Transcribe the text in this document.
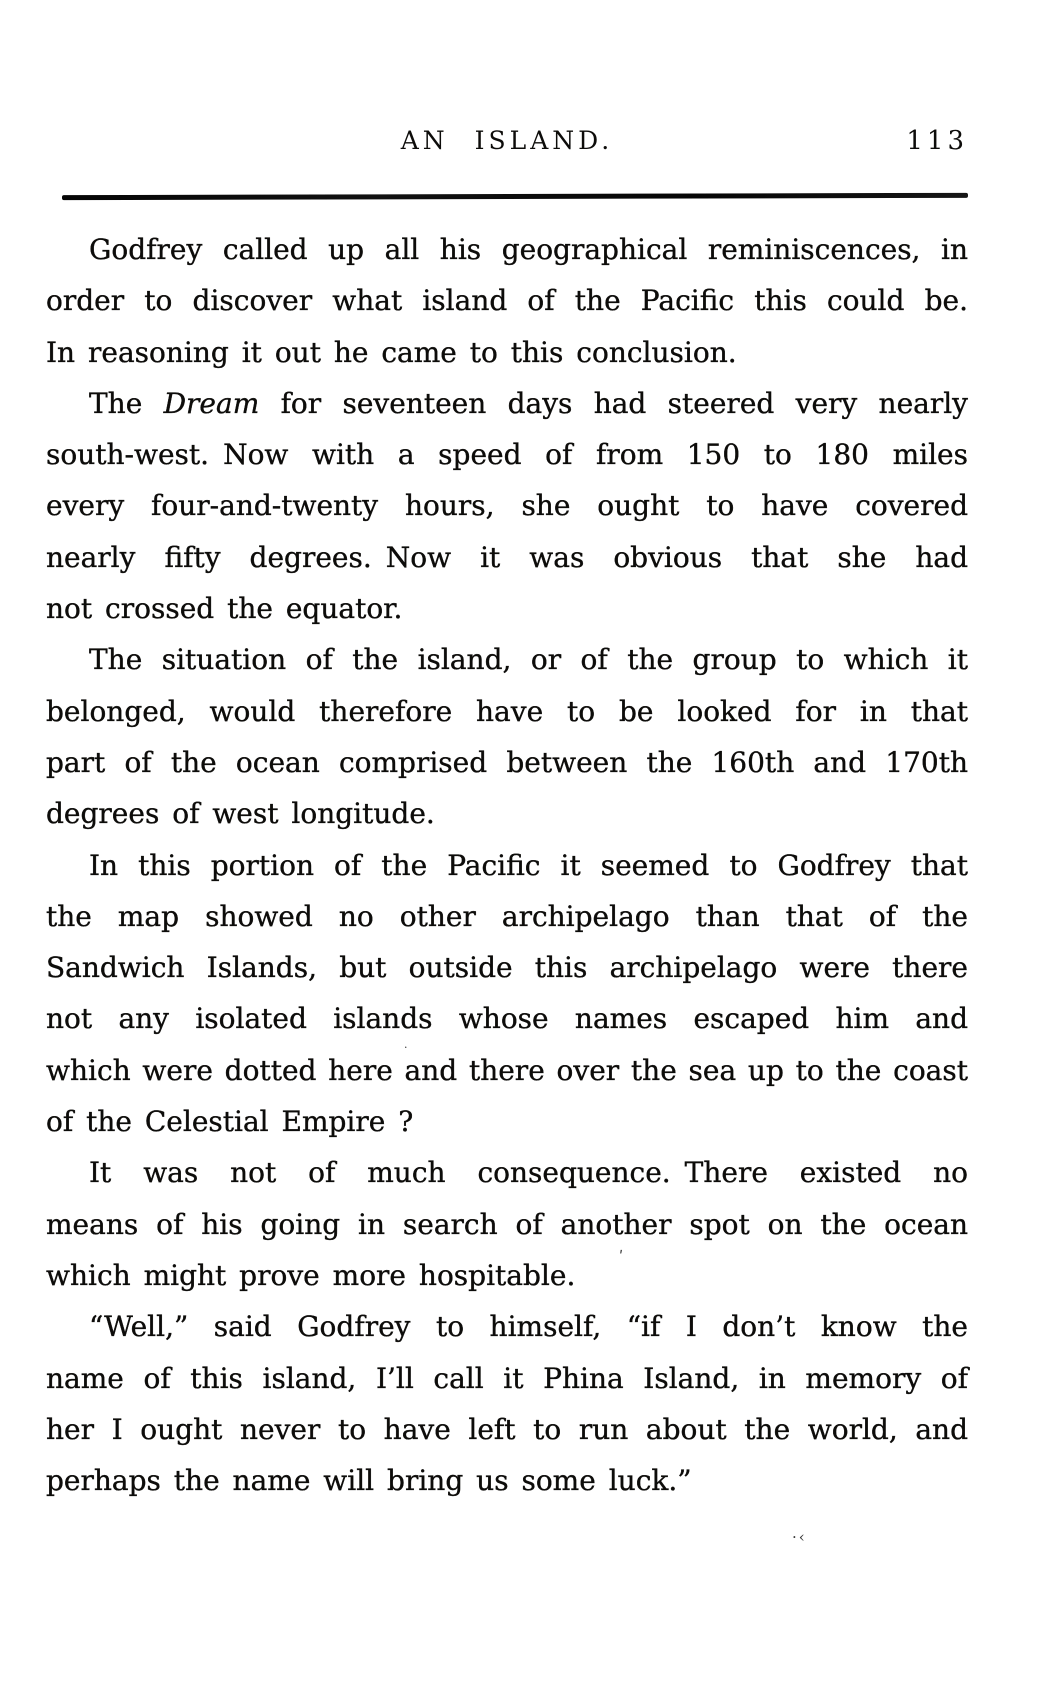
AN ISLAND.	113
Godfrey called up all his geographical reminiscences, in
order to discover what island of the Pacific this could be.
In reasoning it out he came to this conclusion.
The Dream for seventeen days had steered very nearly
south-west. Now with a speed of from 150 to 180 miles
every four-and-twenty hours, she ought to have covered
nearly fifty degrees. Now it was obvious that she had
not crossed the equator.
The situation of the island, or of the group to which it
belonged, would therefore have to be looked for in that
part of the ocean comprised between the 160th and 170th
degrees of west longitude.
In this portion of the Pacific it seemed to Godfrey that
the map showed no other archipelago than that of the
Sandwich Islands, but outside this archipelago were there
not any isolated islands whose names escaped him and
which were dotted here and there over the sea up to the coast
of the Celestial Empire ?
It was not of much consequence. There existed no
means of his going in search of another spot on the ocean
which might prove more hospitable.
“Well,” said Godfrey to himself, “if I don’t know the
name of this island, I’ll call it Phina Island, in memory of
her I ought never to have left to run about the world, and
perhaps the name will bring us some luck.”
·
ʹ
·‹
